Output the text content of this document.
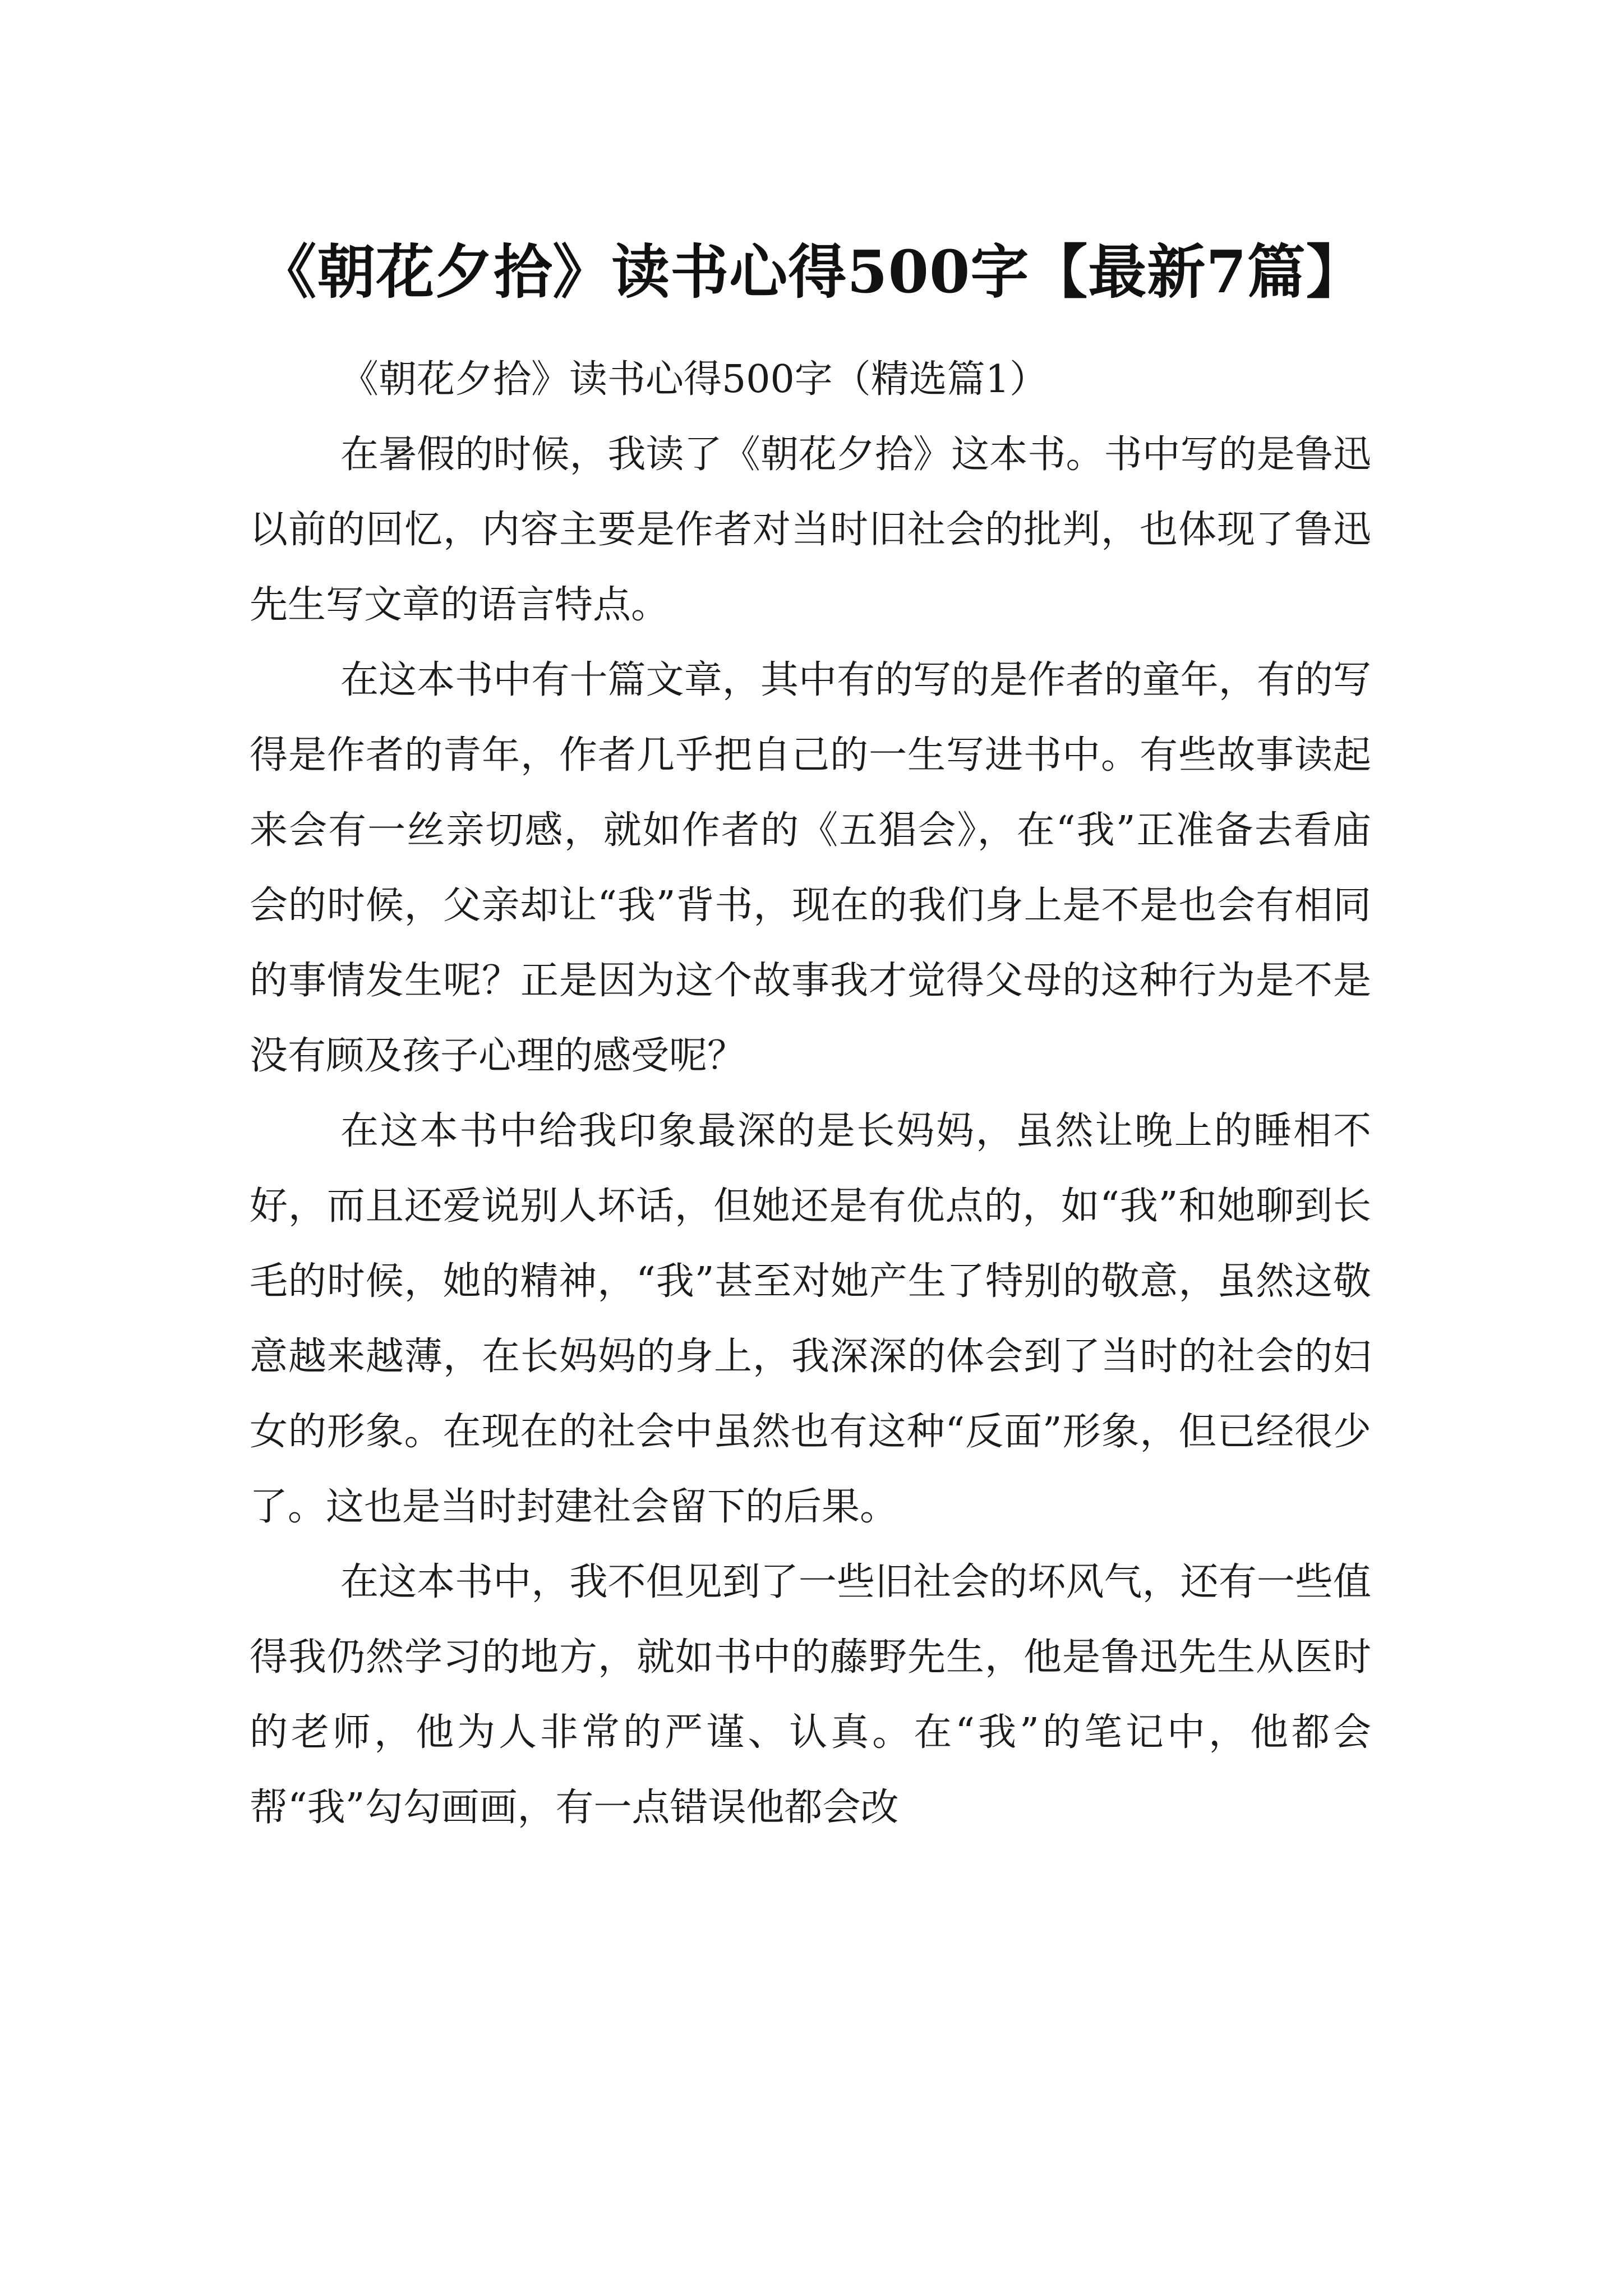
《朝花夕拾》读书心得500字【最新7篇】

《朝花夕拾》读书心得500字（精选篇1）

在暑假的时候，我读了《朝花夕拾》这本书。书中写的是鲁迅以前的回忆，内容主要是作者对当时旧社会的批判，也体现了鲁迅先生写文章的语言特点。

在这本书中有十篇文章，其中有的写的是作者的童年，有的写得是作者的青年，作者几乎把自己的一生写进书中。有些故事读起来会有一丝亲切感，就如作者的《五猖会》，在“我”正准备去看庙会的时候，父亲却让“我”背书，现在的我们身上是不是也会有相同的事情发生呢？正是因为这个故事我才觉得父母的这种行为是不是没有顾及孩子心理的感受呢？

在这本书中给我印象最深的是长妈妈，虽然让晚上的睡相不好，而且还爱说别人坏话，但她还是有优点的，如“我”和她聊到长毛的时候，她的精神，“我”甚至对她产生了特别的敬意，虽然这敬意越来越薄，在长妈妈的身上，我深深的体会到了当时的社会的妇女的形象。在现在的社会中虽然也有这种“反面”形象，但已经很少了。这也是当时封建社会留下的后果。

在这本书中，我不但见到了一些旧社会的坏风气，还有一些值得我仍然学习的地方，就如书中的藤野先生，他是鲁迅先生从医时的老师，他为人非常的严谨、认真。在“我”的笔记中，他都会帮“我”勾勾画画，有一点错误他都会改
